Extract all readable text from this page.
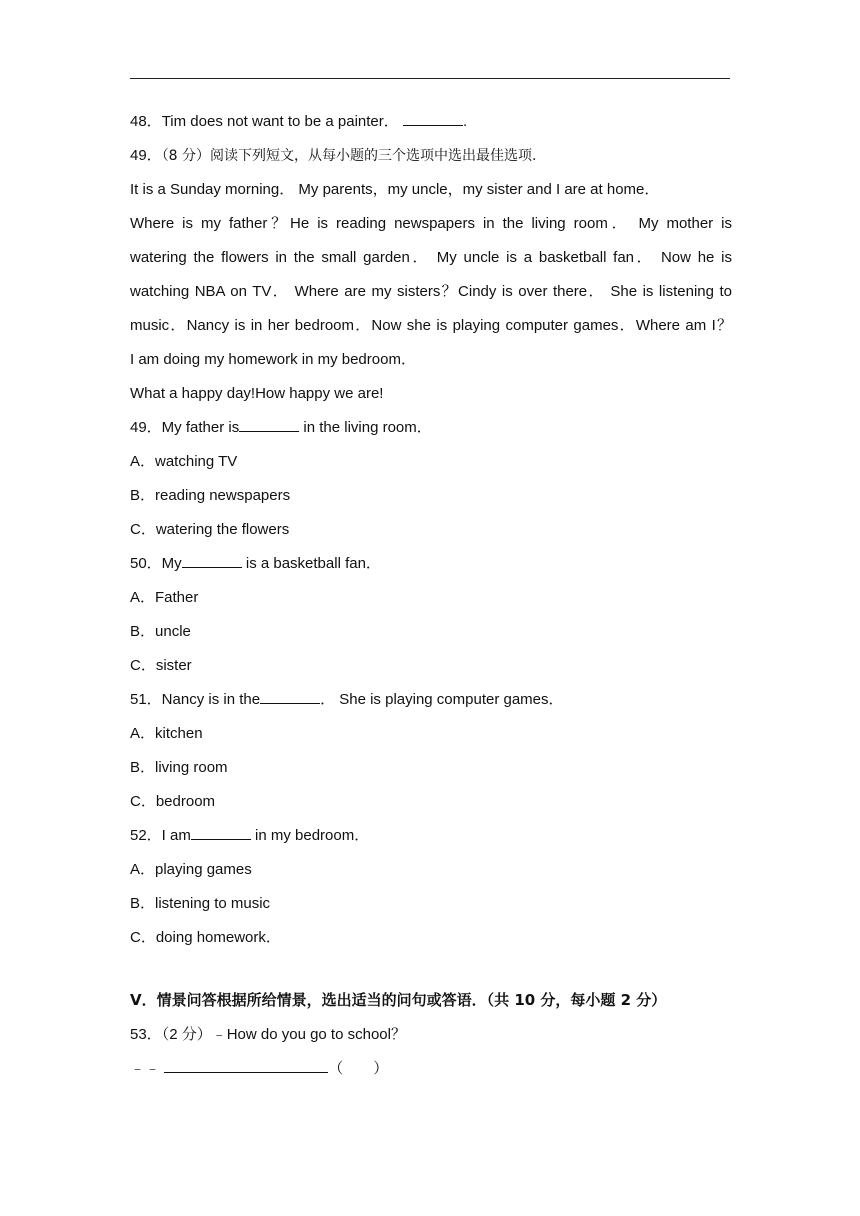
48．Tim does not want to be a painter．	.
49．（8 分）阅读下列短文，从每小题的三个选项中选出最佳选项.
It is a Sunday morning． My parents，my uncle，my sister and I are at home．
Where is my father？He is reading newspapers in the living room． My mother is
watering the flowers in the small garden． My uncle is a basketball fan． Now he is
watching NBA on TV． Where are my sisters？Cindy is over there． She is listening to
music．Nancy is in her bedroom．Now she is playing computer games．Where am I？
I am doing my homework in my bedroom．
What a happy day!How happy we are!
49．My father is	in the living room．
A．watching TV
B．reading newspapers
C．watering the flowers
50．My	is a basketball fan．
A．Father
B．uncle
C．sister
51．Nancy is in the	． She is playing computer games．
A．kitchen
B．living room
C．bedroom
52．I am	in my bedroom．
A．playing games
B．listening to music
C．doing homework．
V．情景问答根据所给情景，选出适当的问句或答语．（共 10 分，每小题 2 分）
53．（2 分）﹣How do you go to school？
﹣﹣	（　　）
